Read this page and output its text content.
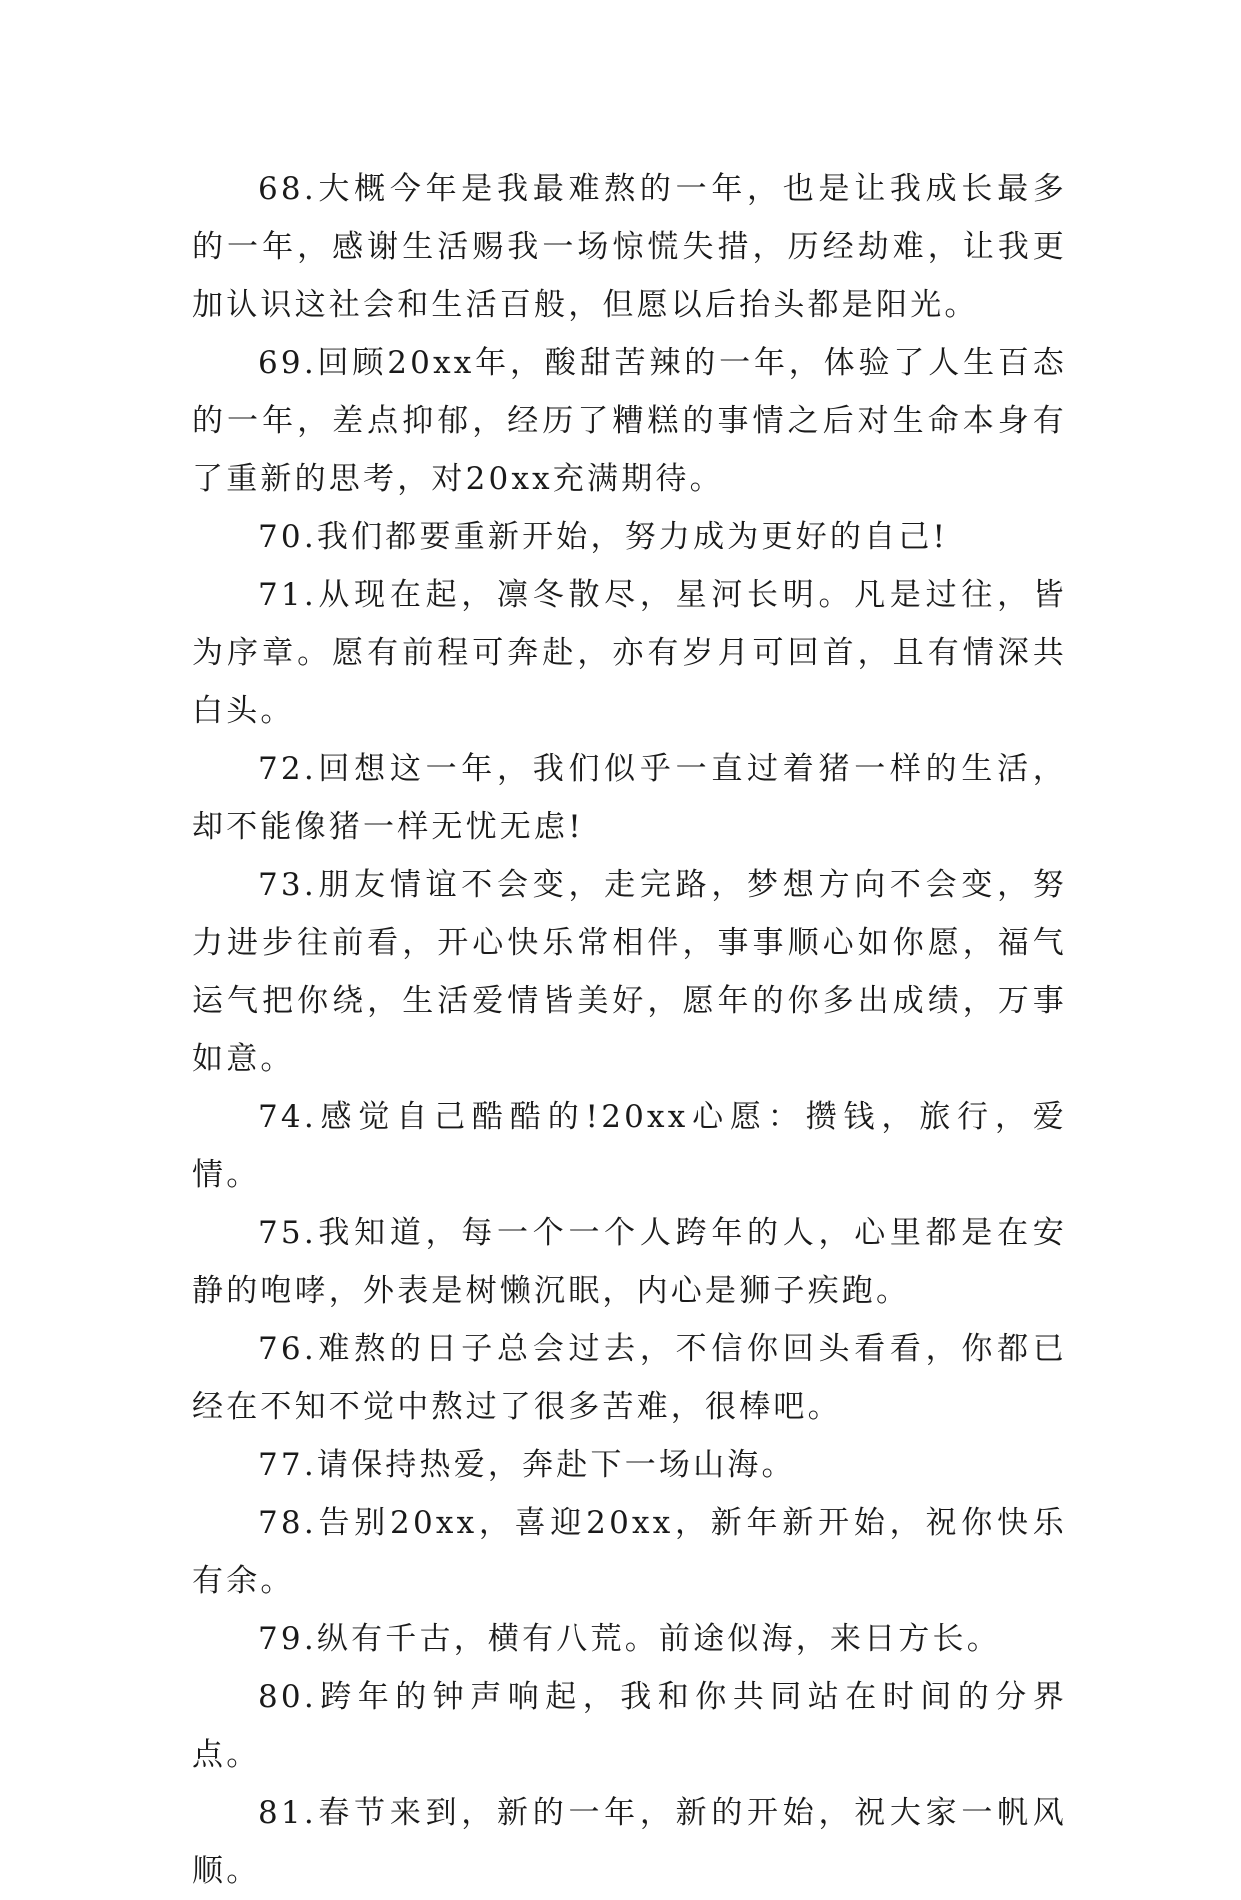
68.大概今年是我最难熬的一年，也是让我成长最多的一年，感谢生活赐我一场惊慌失措，历经劫难，让我更加认识这社会和生活百般，但愿以后抬头都是阳光。

69.回顾20xx年，酸甜苦辣的一年，体验了人生百态的一年，差点抑郁，经历了糟糕的事情之后对生命本身有了重新的思考，对20xx充满期待。

70.我们都要重新开始，努力成为更好的自己!

71.从现在起，凛冬散尽，星河长明。凡是过往，皆为序章。愿有前程可奔赴，亦有岁月可回首，且有情深共白头。

72.回想这一年，我们似乎一直过着猪一样的生活，却不能像猪一样无忧无虑!

73.朋友情谊不会变，走完路，梦想方向不会变，努力进步往前看，开心快乐常相伴，事事顺心如你愿，福气运气把你绕，生活爱情皆美好，愿年的你多出成绩，万事如意。

74.感觉自己酷酷的!20xx心愿：攒钱，旅行，爱情。

75.我知道，每一个一个人跨年的人，心里都是在安静的咆哮，外表是树懒沉眠，内心是狮子疾跑。

76.难熬的日子总会过去，不信你回头看看，你都已经在不知不觉中熬过了很多苦难，很棒吧。

77.请保持热爱，奔赴下一场山海。

78.告别20xx，喜迎20xx，新年新开始，祝你快乐有余。

79.纵有千古，横有八荒。前途似海，来日方长。

80.跨年的钟声响起，我和你共同站在时间的分界点。

81.春节来到，新的一年，新的开始，祝大家一帆风顺。
